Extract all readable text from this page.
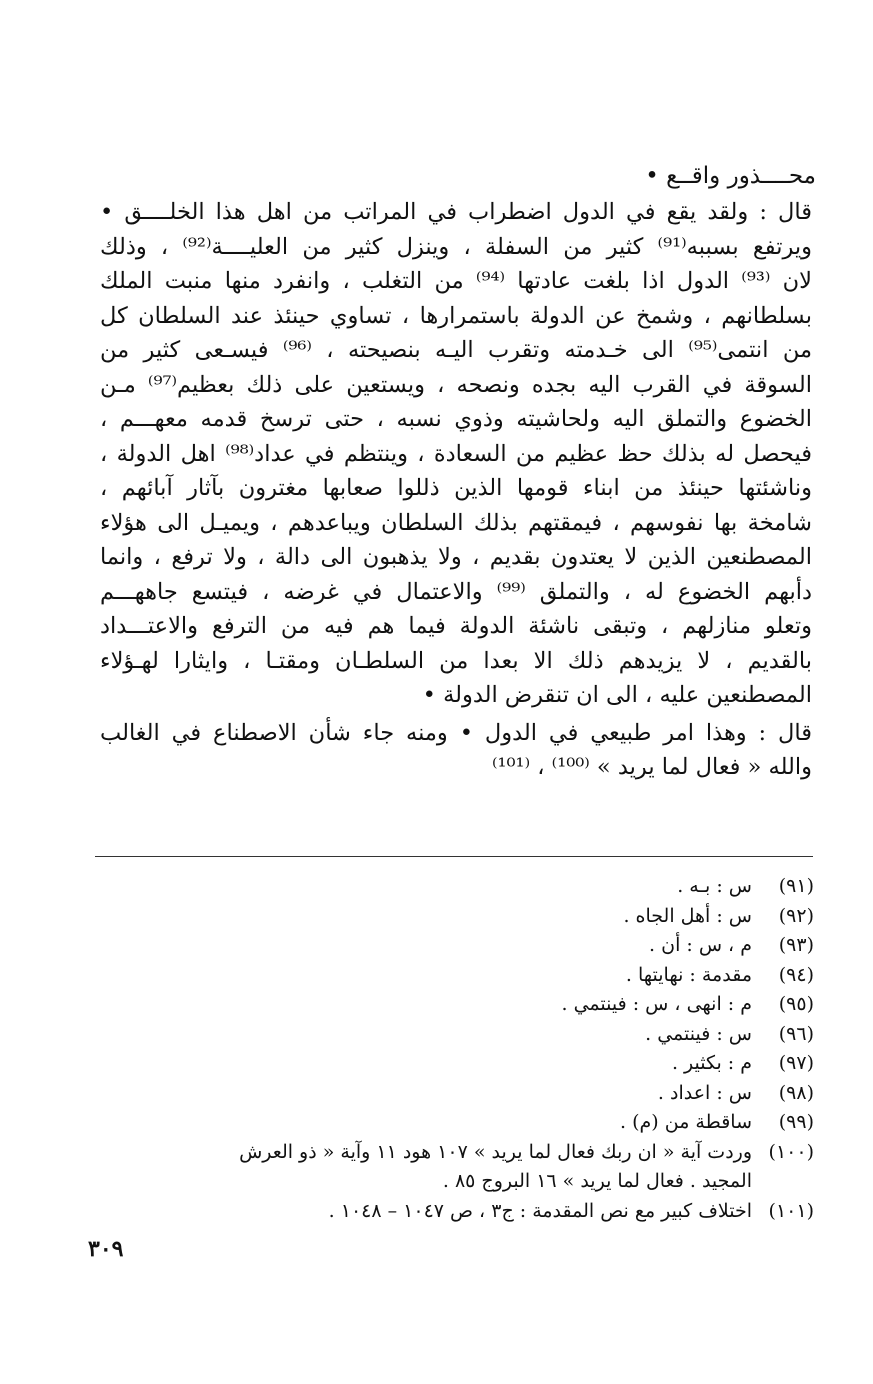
محــــذور واقــع •
قال : ولقد يقع في الدول اضطراب في المراتب من اهل هذا الخلــــق •
ويرتفع بسببه⁽⁹¹⁾ كثير من السفلة ، وينزل كثير من العليــــة⁽⁹²⁾ ، وذلك
لان ⁽⁹³⁾ الدول اذا بلغت عادتها ⁽⁹⁴⁾ من التغلب ، وانفرد منها منبت الملك
بسلطانهم ، وشمخ عن الدولة باستمرارها ، تساوي حينئذ عند السلطان كل
من انتمى⁽⁹⁵⁾ الى خـدمته وتقرب اليـه بنصيحته ، ⁽⁹⁶⁾ فيسـعى كثير من
السوقة في القرب اليه بجده ونصحه ، ويستعين على ذلك بعظيم⁽⁹⁷⁾ مـن
الخضوع والتملق اليه ولحاشيته وذوي نسبه ، حتى ترسخ قدمه معهـــم ،
فيحصل له بذلك حظ عظيم من السعادة ، وينتظم في عداد⁽⁹⁸⁾ اهل الدولة ،
وناشئتها حينئذ من ابناء قومها الذين ذللوا صعابها مغترون بآثار آبائهم ،
شامخة بها نفوسهم ، فيمقتهم بذلك السلطان ويباعدهم ، ويميـل الى هؤلاء
المصطنعين الذين لا يعتدون بقديم ، ولا يذهبون الى دالة ، ولا ترفع ، وانما
دأبهم الخضوع له ، والتملق ⁽⁹⁹⁾ والاعتمال في غرضه ، فيتسع جاههـــم
وتعلو منازلهم ، وتبقى ناشئة الدولة فيما هم فيه من الترفع والاعتـــداد
بالقديم ، لا يزيدهم ذلك الا بعدا من السلطـان ومقتـا ، وايثارا لهـؤلاء
المصطنعين عليه ، الى ان تنقرض الدولة •
قال : وهذا امر طبيعي في الدول • ومنه جاء شأن الاصطناع في الغالب
والله « فعال لما يريد » ⁽¹⁰⁰⁾ ، ⁽¹⁰¹⁾
(٩١)
س : بـه .
(٩٢)
س : أهل الجاه .
(٩٣)
م ، س : أن .
(٩٤)
مقدمة : نهايتها .
(٩٥)
م : انهى ، س : فينتمي .
(٩٦)
س : فينتمي .
(٩٧)
م : بكثير .
(٩٨)
س : اعداد .
(٩٩)
ساقطة من (م) .
(١٠٠)
وردت آية « ان ربك فعال لما يريد » ١٠٧ هود ١١ وآية « ذو العرش
المجيد . فعال لما يريد » ١٦ البروج ٨٥ .
(١٠١)
اختلاف كبير مع نص المقدمة : ج٣ ، ص ١٠٤٧ – ١٠٤٨ .
٣٠٩
